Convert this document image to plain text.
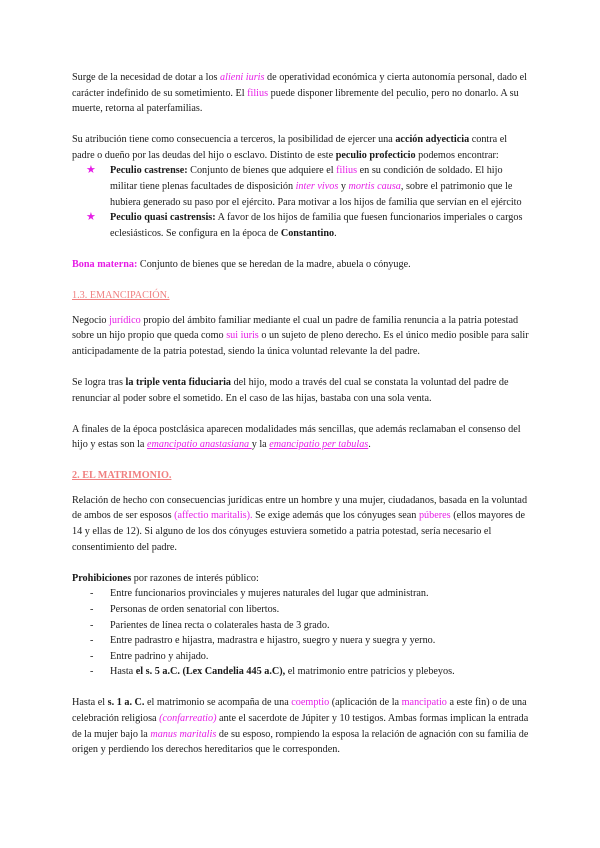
Surge de la necesidad de dotar a los alieni iuris de operatividad económica y cierta autonomía personal, dado el carácter indefinido de su sometimiento. El filius puede disponer libremente del peculio, pero no donarlo. A su muerte, retorna al paterfamilias.

Su atribución tiene como consecuencia a terceros, la posibilidad de ejercer una acción adyecticia contra el padre o dueño por las deudas del hijo o esclavo. Distinto de este peculio profecticio podemos encontrar:

★ Peculio castrense: Conjunto de bienes que adquiere el filius en su condición de soldado. El hijo militar tiene plenas facultades de disposición inter vivos y mortis causa, sobre el patrimonio que le hubiera generado su paso por el ejército. Para motivar a los hijos de familia que servían en el ejército
★ Peculio quasi castrensis: A favor de los hijos de familia que fuesen funcionarios imperiales o cargos eclesiásticos. Se configura en la época de Constantino.

Bona materna: Conjunto de bienes que se heredan de la madre, abuela o cónyuge.

1.3. EMANCIPACIÓN.

Negocio jurídico propio del ámbito familiar mediante el cual un padre de familia renuncia a la patria potestad sobre un hijo propio que queda como sui iuris o un sujeto de pleno derecho. Es el único medio posible para salir anticipadamente de la patria potestad, siendo la única voluntad relevante la del padre.

Se logra tras la triple venta fiduciaria del hijo, modo a través del cual se constata la voluntad del padre de renunciar al poder sobre el sometido. En el caso de las hijas, bastaba con una sola venta.

A finales de la época postclásica aparecen modalidades más sencillas, que además reclamaban el consenso del hijo y estas son la emancipatio anastasiana y la emancipatio per tabulas.

2. EL MATRIMONIO.

Relación de hecho con consecuencias jurídicas entre un hombre y una mujer, ciudadanos, basada en la voluntad de ambos de ser esposos (affectio maritalis). Se exige además que los cónyuges sean púberes (ellos mayores de 14 y ellas de 12). Si alguno de los dos cónyuges estuviera sometido a patria potestad, sería necesario el consentimiento del padre.

Prohibiciones por razones de interés público:

- Entre funcionarios provinciales y mujeres naturales del lugar que administran.
- Personas de orden senatorial con libertos.
- Parientes de línea recta o colaterales hasta de 3 grado.
- Entre padrastro e hijastra, madrastra e hijastro, suegro y nuera y suegra y yerno.
- Entre padrino y ahijado.
- Hasta el s. 5 a.C. (Lex Candelia 445 a.C), el matrimonio entre patricios y plebeyos.

Hasta el s. 1 a. C. el matrimonio se acompaña de una coemptio (aplicación de la mancipatio a este fin) o de una celebración religiosa (confarreatio) ante el sacerdote de Júpiter y 10 testigos. Ambas formas implican la entrada de la mujer bajo la manus maritalis de su esposo, rompiendo la esposa la relación de agnación con su familia de origen y perdiendo los derechos hereditarios que le corresponden.
